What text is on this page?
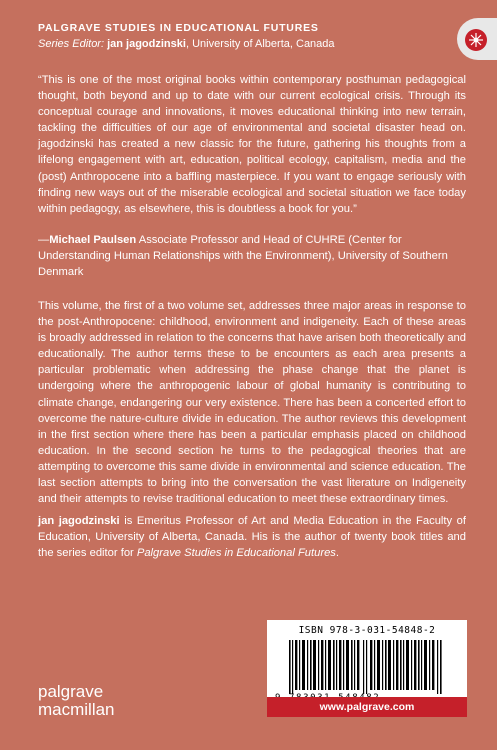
PALGRAVE STUDIES IN EDUCATIONAL FUTURES
Series Editor: jan jagodzinski, University of Alberta, Canada
“This is one of the most original books within contemporary posthuman pedagogical thought, both beyond and up to date with our current ecological crisis. Through its conceptual courage and innovations, it moves educational thinking into new terrain, tackling the difficulties of our age of environmental and societal disaster head on. jagodzinski has created a new classic for the future, gathering his thoughts from a lifelong engagement with art, education, political ecology, capitalism, media and the (post) Anthropocene into a baffling masterpiece. If you want to engage seriously with finding new ways out of the miserable ecological and societal situation we face today within pedagogy, as elsewhere, this is doubtless a book for you.”
—Michael Paulsen Associate Professor and Head of CUHRE (Center for Understanding Human Relationships with the Environment), University of Southern Denmark
This volume, the first of a two volume set, addresses three major areas in response to the post-Anthropocene: childhood, environment and indigeneity. Each of these areas is broadly addressed in relation to the concerns that have arisen both theoretically and educationally. The author terms these to be encounters as each area presents a particular problematic when addressing the phase change that the planet is undergoing where the anthropogenic labour of global humanity is contributing to climate change, endangering our very existence. There has been a concerted effort to overcome the nature-culture divide in education. The author reviews this development in the first section where there has been a particular emphasis placed on childhood education. In the second section he turns to the pedagogical theories that are attempting to overcome this same divide in environmental and science education. The last section attempts to bring into the conversation the vast literature on Indigeneity and their attempts to revise traditional education to meet these extraordinary times.
jan jagodzinski is Emeritus Professor of Art and Media Education in the Faculty of Education, University of Alberta, Canada. His is the author of twenty book titles and the series editor for Palgrave Studies in Educational Futures.
ISBN 978-3-031-54848-2
www.palgrave.com
palgrave
macmillan
